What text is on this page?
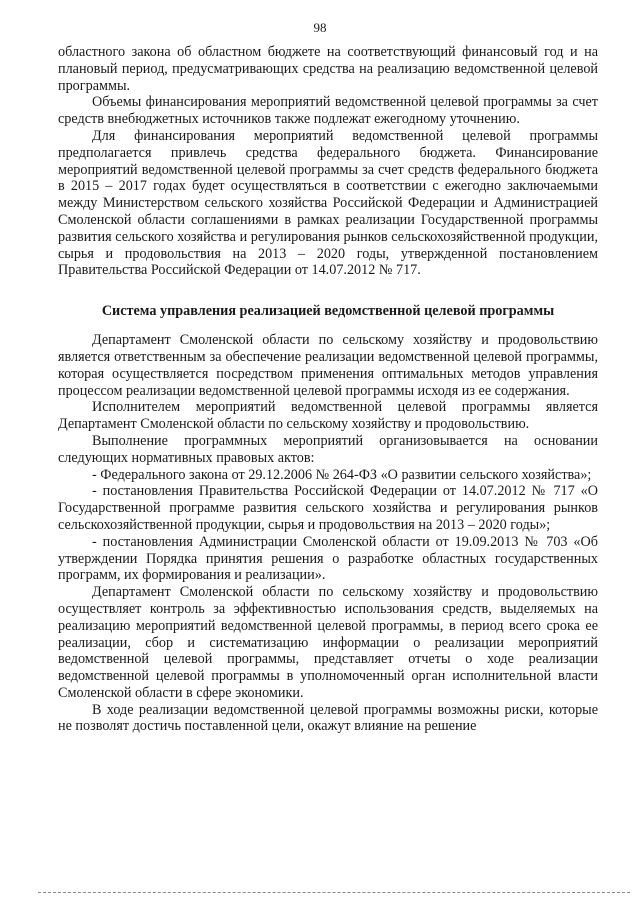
98

областного закона об областном бюджете на соответствующий финансовый год и на плановый период, предусматривающих средства на реализацию ведомственной целевой программы.

Объемы финансирования мероприятий ведомственной целевой программы за счет средств внебюджетных источников также подлежат ежегодному уточнению.

Для финансирования мероприятий ведомственной целевой программы предполагается привлечь средства федерального бюджета. Финансирование мероприятий ведомственной целевой программы за счет средств федерального бюджета в 2015 – 2017 годах будет осуществляться в соответствии с ежегодно заключаемыми между Министерством сельского хозяйства Российской Федерации и Администрацией Смоленской области соглашениями в рамках реализации Государственной программы развития сельского хозяйства и регулирования рынков сельскохозяйственной продукции, сырья и продовольствия на 2013 – 2020 годы, утвержденной постановлением Правительства Российской Федерации от 14.07.2012 № 717.

Система управления реализацией ведомственной целевой программы

Департамент Смоленской области по сельскому хозяйству и продовольствию является ответственным за обеспечение реализации ведомственной целевой программы, которая осуществляется посредством применения оптимальных методов управления процессом реализации ведомственной целевой программы исходя из ее содержания.

Исполнителем мероприятий ведомственной целевой программы является Департамент Смоленской области по сельскому хозяйству и продовольствию.

Выполнение программных мероприятий организовывается на основании следующих нормативных правовых актов:

- Федерального закона от 29.12.2006 № 264-ФЗ «О развитии сельского хозяйства»;

- постановления Правительства Российской Федерации от 14.07.2012 № 717 «О Государственной программе развития сельского хозяйства и регулирования рынков сельскохозяйственной продукции, сырья и продовольствия на 2013 – 2020 годы»;

- постановления Администрации Смоленской области от 19.09.2013 № 703 «Об утверждении Порядка принятия решения о разработке областных государственных программ, их формирования и реализации».

Департамент Смоленской области по сельскому хозяйству и продовольствию осуществляет контроль за эффективностью использования средств, выделяемых на реализацию мероприятий ведомственной целевой программы, в период всего срока ее реализации, сбор и систематизацию информации о реализации мероприятий ведомственной целевой программы, представляет отчеты о ходе реализации ведомственной целевой программы в уполномоченный орган исполнительной власти Смоленской области в сфере экономики.

В ходе реализации ведомственной целевой программы возможны риски, которые не позволят достичь поставленной цели, окажут влияние на решение
